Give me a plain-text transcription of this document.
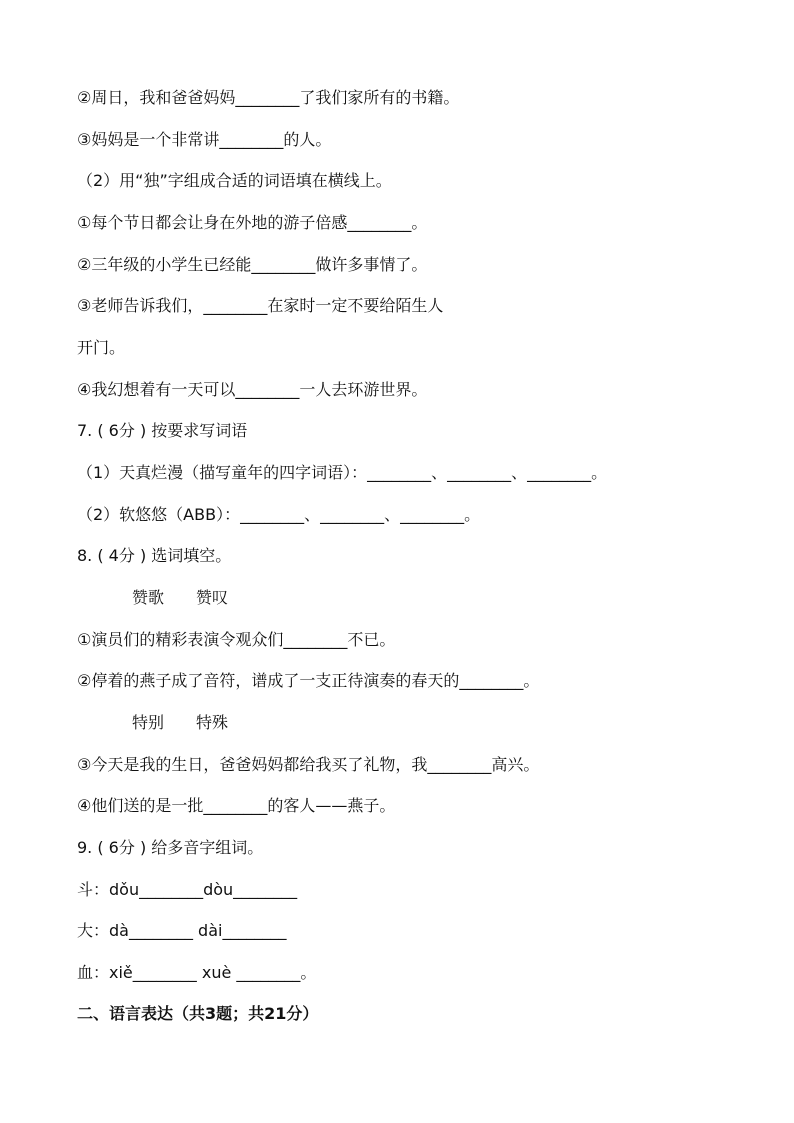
②周日，我和爸爸妈妈________了我们家所有的书籍。

③妈妈是一个非常讲________的人。

（2）用“独”字组成合适的词语填在横线上。

①每个节日都会让身在外地的游子倍感________。

②三年级的小学生已经能________做许多事情了。

③老师告诉我们，________在家时一定不要给陌生人

开门。

④我幻想着有一天可以________一人去环游世界。

7. ( 6分 ) 按要求写词语

（1）天真烂漫（描写童年的四字词语）：________、________、________。

（2）软悠悠（ABB）：________、________、________。

8. ( 4分 ) 选词填空。

赞歌　　赞叹

①演员们的精彩表演令观众们________不已。

②停着的燕子成了音符，谱成了一支正待演奏的春天的________。

特别　　特殊

③今天是我的生日，爸爸妈妈都给我买了礼物，我________高兴。

④他们送的是一批________的客人——燕子。

9. ( 6分 ) 给多音字组词。

斗：dǒu________dòu________

大：dà________ dài________

血：xiě________ xuè ________。

二、语言表达（共3题；共21分）
